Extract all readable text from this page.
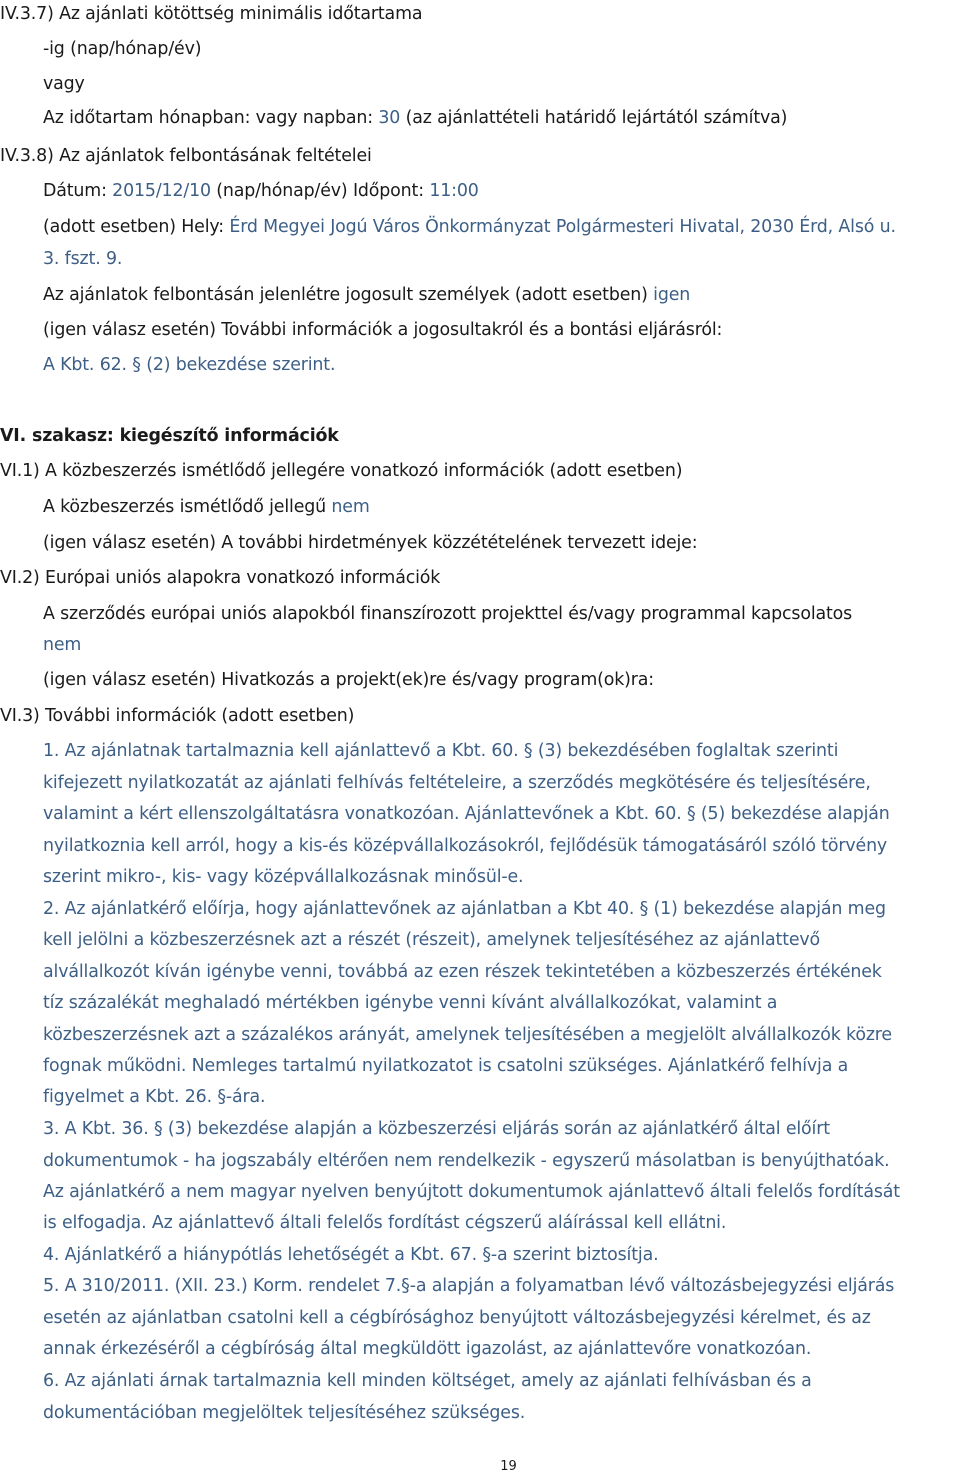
IV.3.7) Az ajánlati kötöttség minimális időtartama
-ig (nap/hónap/év)
vagy
Az időtartam hónapban: vagy napban: 30 (az ajánlattételi határidő lejártától számítva)
IV.3.8) Az ajánlatok felbontásának feltételei
Dátum: 2015/12/10 (nap/hónap/év) Időpont: 11:00
(adott esetben) Hely: Érd Megyei Jogú Város Önkormányzat Polgármesteri Hivatal, 2030 Érd, Alsó u.
3. fszt. 9.
Az ajánlatok felbontásán jelenlétre jogosult személyek (adott esetben) igen
(igen válasz esetén) További információk a jogosultakról és a bontási eljárásról:
A Kbt. 62. § (2) bekezdése szerint.
VI. szakasz: kiegészítő információk
VI.1) A közbeszerzés ismétlődő jellegére vonatkozó információk (adott esetben)
A közbeszerzés ismétlődő jellegű nem
(igen válasz esetén) A további hirdetmények közzétételének tervezett ideje:
VI.2) Európai uniós alapokra vonatkozó információk
A szerződés európai uniós alapokból finanszírozott projekttel és/vagy programmal kapcsolatos
nem
(igen válasz esetén) Hivatkozás a projekt(ek)re és/vagy program(ok)ra:
VI.3) További információk (adott esetben)
1. Az ajánlatnak tartalmaznia kell ajánlattevő a Kbt. 60. § (3) bekezdésében foglaltak szerinti
kifejezett nyilatkozatát az ajánlati felhívás feltételeire, a szerződés megkötésére és teljesítésére,
valamint a kért ellenszolgáltatásra vonatkozóan. Ajánlattevőnek a Kbt. 60. § (5) bekezdése alapján
nyilatkoznia kell arról, hogy a kis-és középvállalkozásokról, fejlődésük támogatásáról szóló törvény
szerint mikro-, kis- vagy középvállalkozásnak minősül-e.
2. Az ajánlatkérő előírja, hogy ajánlattevőnek az ajánlatban a Kbt 40. § (1) bekezdése alapján meg
kell jelölni a közbeszerzésnek azt a részét (részeit), amelynek teljesítéséhez az ajánlattevő
alvállalkozót kíván igénybe venni, továbbá az ezen részek tekintetében a közbeszerzés értékének
tíz százalékát meghaladó mértékben igénybe venni kívánt alvállalkozókat, valamint a
közbeszerzésnek azt a százalékos arányát, amelynek teljesítésében a megjelölt alvállalkozók közre
fognak működni. Nemleges tartalmú nyilatkozatot is csatolni szükséges. Ajánlatkérő felhívja a
figyelmet a Kbt. 26. §-ára.
3. A Kbt. 36. § (3) bekezdése alapján a közbeszerzési eljárás során az ajánlatkérő által előírt
dokumentumok - ha jogszabály eltérően nem rendelkezik - egyszerű másolatban is benyújthatóak.
Az ajánlatkérő a nem magyar nyelven benyújtott dokumentumok ajánlattevő általi felelős fordítását
is elfogadja. Az ajánlattevő általi felelős fordítást cégszerű aláírással kell ellátni.
4. Ajánlatkérő a hiánypótlás lehetőségét a Kbt. 67. §-a szerint biztosítja.
5. A 310/2011. (XII. 23.) Korm. rendelet 7.§-a alapján a folyamatban lévő változásbejegyzési eljárás
esetén az ajánlatban csatolni kell a cégbírósághoz benyújtott változásbejegyzési kérelmet, és az
annak érkezéséről a cégbíróság által megküldött igazolást, az ajánlattevőre vonatkozóan.
6. Az ajánlati árnak tartalmaznia kell minden költséget, amely az ajánlati felhívásban és a
dokumentációban megjelöltek teljesítéséhez szükséges.
19
